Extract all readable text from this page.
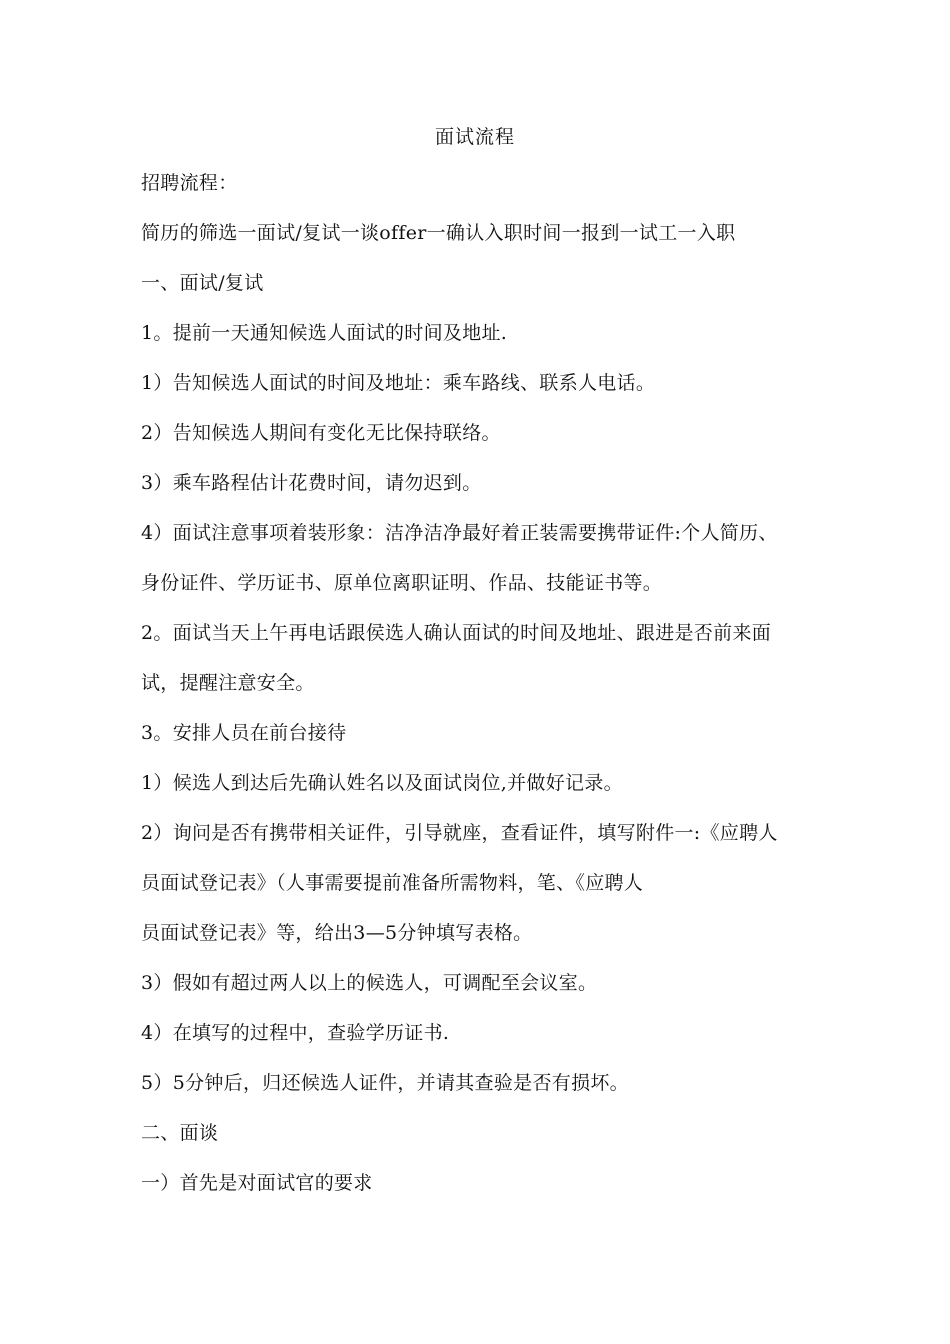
面试流程
招聘流程：
简历的筛选一面试/复试一谈offer一确认入职时间一报到一试工一入职
一、面试/复试
1。提前一天通知候选人面试的时间及地址.
1）告知候选人面试的时间及地址：乘车路线、联系人电话。
2）告知候选人期间有变化无比保持联络。
3）乘车路程估计花费时间，请勿迟到。
4）面试注意事项着装形象：洁净洁净最好着正装需要携带证件:个人简历、
身份证件、学历证书、原单位离职证明、作品、技能证书等。
2。面试当天上午再电话跟侯选人确认面试的时间及地址、跟进是否前来面
试，提醒注意安全。
3。安排人员在前台接待
1）候选人到达后先确认姓名以及面试岗位,并做好记录。
2）询问是否有携带相关证件，引导就座，查看证件，填写附件一:《应聘人
员面试登记表》（人事需要提前准备所需物料，笔、《应聘人
员面试登记表》等，给出3—5分钟填写表格。
3）假如有超过两人以上的候选人，可调配至会议室。
4）在填写的过程中，查验学历证书.
5）5分钟后，归还候选人证件，并请其查验是否有损坏。
二、面谈
一）首先是对面试官的要求
